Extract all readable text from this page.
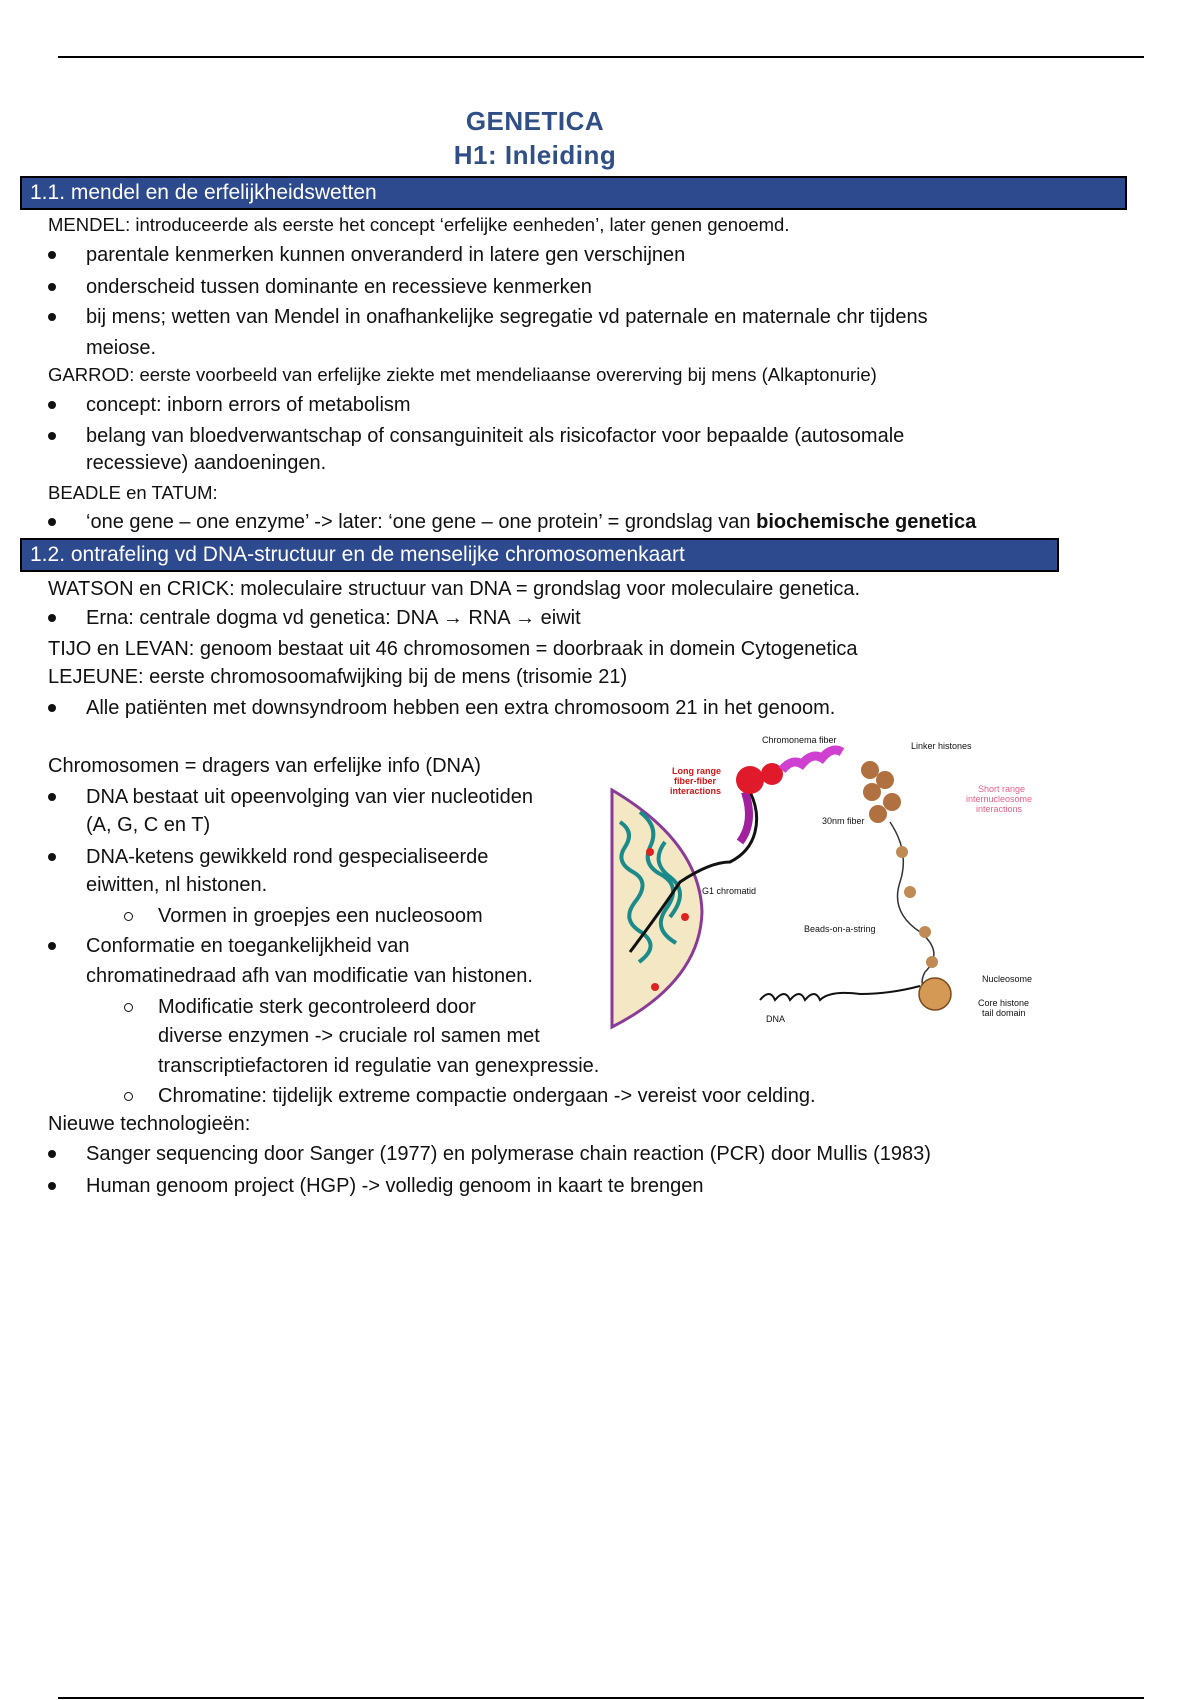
GENETICA
H1: Inleiding
1.1. mendel en de erfelijkheidswetten
MENDEL: introduceerde als eerste het concept ‘erfelijke eenheden’, later genen genoemd.
parentale kenmerken kunnen onveranderd in latere gen verschijnen
onderscheid tussen dominante en recessieve kenmerken
bij mens; wetten van Mendel in onafhankelijke segregatie vd paternale en maternale chr tijdens
meiose.
GARROD: eerste voorbeeld van erfelijke ziekte met mendeliaanse overerving bij mens (Alkaptonurie)
concept: inborn errors of metabolism
belang van bloedverwantschap of consanguiniteit als risicofactor voor bepaalde (autosomale
recessieve) aandoeningen.
BEADLE en TATUM:
‘one gene – one enzyme’ -> later: ‘one gene – one protein’ = grondslag van biochemische genetica
1.2. ontrafeling vd DNA-structuur en de menselijke chromosomenkaart
WATSON en CRICK: moleculaire structuur van DNA = grondslag voor moleculaire genetica.
Erna: centrale dogma vd genetica: DNA → RNA → eiwit
TIJO en LEVAN: genoom bestaat uit 46 chromosomen = doorbraak in domein Cytogenetica
LEJEUNE: eerste chromosoomafwijking bij de mens (trisomie 21)
Alle patiënten met downsyndroom hebben een extra chromosoom 21 in het genoom.
Chromosomen = dragers van erfelijke info (DNA)
DNA bestaat uit opeenvolging van vier nucleotiden
(A, G, C en T)
DNA-ketens gewikkeld rond gespecialiseerde
eiwitten, nl histonen.
Vormen in groepjes een nucleosoom
Conformatie en toegankelijkheid van
chromatinedraad afh van modificatie van histonen.
Modificatie sterk gecontroleerd door
diverse enzymen -> cruciale rol samen met
transcriptiefactoren id regulatie van genexpressie.
Chromatine: tijdelijk extreme compactie ondergaan -> vereist voor celding.
Nieuwe technologieën:
Sanger sequencing door Sanger (1977) en polymerase chain reaction (PCR) door Mullis (1983)
Human genoom project (HGP) -> volledig genoom in kaart te brengen
Chromonema fiber
Linker histones
Long range
fiber-fiber
interactions	Short range
internucleosome
interactions
30nm fiber
G1 chromatid
Beads-on-a-string
Nucleosome
DNA
Core histone
tail domain
